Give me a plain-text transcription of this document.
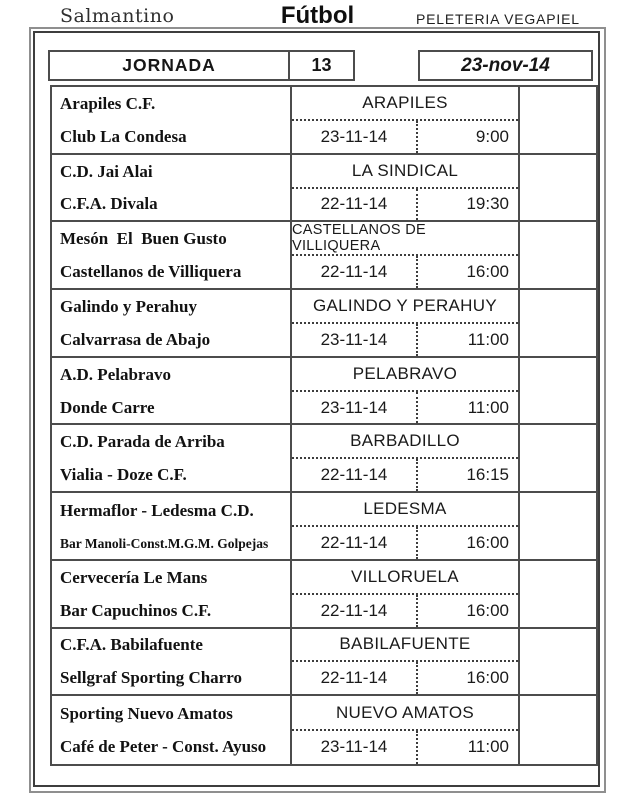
Salmantino	Fútbol	PELETERIA VEGAPIEL
JORNADA	13	23-nov-14
Arapiles C.F.
Club La Condesa
ARAPILES
23-11-14	9:00
C.D. Jai Alai
C.F.A. Divala
LA SINDICAL
22-11-14	19:30
Mesón  El  Buen Gusto
Castellanos de Villiquera
CASTELLANOS DE VILLIQUERA
22-11-14	16:00
Galindo y Perahuy
Calvarrasa de Abajo
GALINDO Y PERAHUY
23-11-14	11:00
A.D. Pelabravo
Donde Carre
PELABRAVO
23-11-14	11:00
C.D. Parada de Arriba
Vialia - Doze C.F.
BARBADILLO
22-11-14	16:15
Hermaflor - Ledesma C.D.
Bar Manoli-Const.M.G.M. Golpejas
LEDESMA
22-11-14	16:00
Cervecería Le Mans
Bar Capuchinos C.F.
VILLORUELA
22-11-14	16:00
C.F.A. Babilafuente
Sellgraf Sporting Charro
BABILAFUENTE
22-11-14	16:00
Sporting Nuevo Amatos
Café de Peter - Const. Ayuso
NUEVO AMATOS
23-11-14	11:00
